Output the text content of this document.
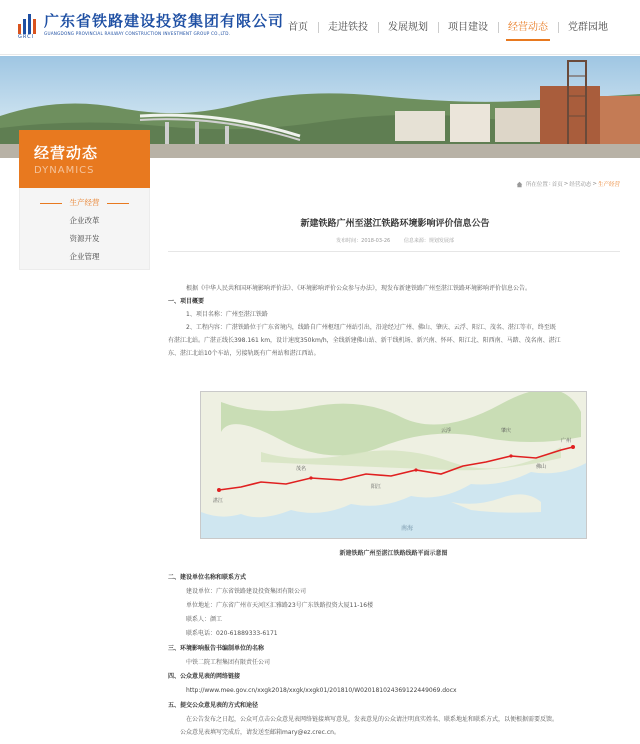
GRCI
广东省铁路建设投资集团有限公司
GUANGDONG PROVINCIAL RAILWAY CONSTRUCTION INVESTMENT GROUP CO.,LTD.
首页	走进铁投	发展规划	项目建设	经营动态	党群园地
经营动态
DYNAMICS
生产经营
企业改革
资源开发
企业管理
所在位置 : 首页 > 经营动态 > 生产经营
新建铁路广州至湛江铁路环境影响评价信息公告
发布时间：2018-03-26	信息来源：规划发展部
根据《中华人民共和国环境影响评价法》、《环境影响评价公众参与办法》，现发布新建铁路广州至湛江铁路环境影响评价信息公告。
一、项目概要
1、项目名称：广州至湛江铁路
2、工程内容：广湛铁路位于广东省境内，线路自广州枢纽广州站引出，沿途经过广州、佛山、肇庆、云浮、阳江、茂名、湛江等市，终至既
有湛江北站。广湛正线长398.161 km，设计速度350km/h，全线新建佛山站、新干线机场、新兴南、怀环、阳江北、阳西南、马踏、茂名南、湛江
东、湛江北站10个车站，另接轨既有广州站和湛江西站。
广州
佛山
肇庆
云浮
阳江
茂名
湛江
南海
新建铁路广州至湛江铁路线路平面示意图
二、建设单位名称和联系方式
建设单位：广东省铁路建设投资集团有限公司
单位地址：广东省广州市天河区汇雅路23号广东铁路投资大厦11-16楼
联系人：颜工
联系电话：020-61889333-6171
三、环境影响报告书编制单位的名称
中铁二院工程集团有限责任公司
四、公众意见表的网络链接
http://www.mee.gov.cn/xxgk2018/xxgk/xxgk01/201810/W020181024369122449069.docx
五、提交公众意见表的方式和途径
在公告发布之日起，公众可点击公众意见表网络链接填写意见，发表意见的公众请注明真实姓名、联系地址和联系方式，以便根据需要反馈。
公众意见表填写完成后，请发送至邮箱mary@ez.crec.cn。
